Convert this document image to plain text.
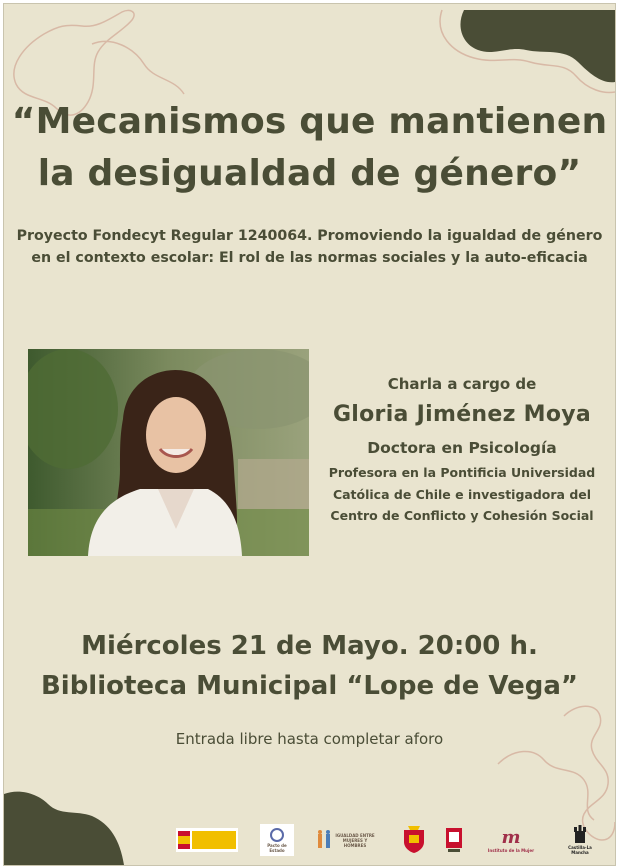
“Mecanismos que mantienen
la desigualdad de género”
Proyecto Fondecyt Regular 1240064. Promoviendo la igualdad de género
en el contexto escolar: El rol de las normas sociales y la auto-eficacia
Charla a cargo de
Gloria Jiménez Moya
Doctora en Psicología
Profesora en la Pontificia Universidad
Católica de Chile e investigadora del
Centro de Conflicto y Cohesión Social
Miércoles 21 de Mayo. 20:00 h.
Biblioteca Municipal “Lope de Vega”
Entrada libre hasta completar aforo
Pacto de Estado
IGUALDAD ENTRE MUJERES Y HOMBRES	m
Instituto de la Mujer	Castilla-La Mancha
